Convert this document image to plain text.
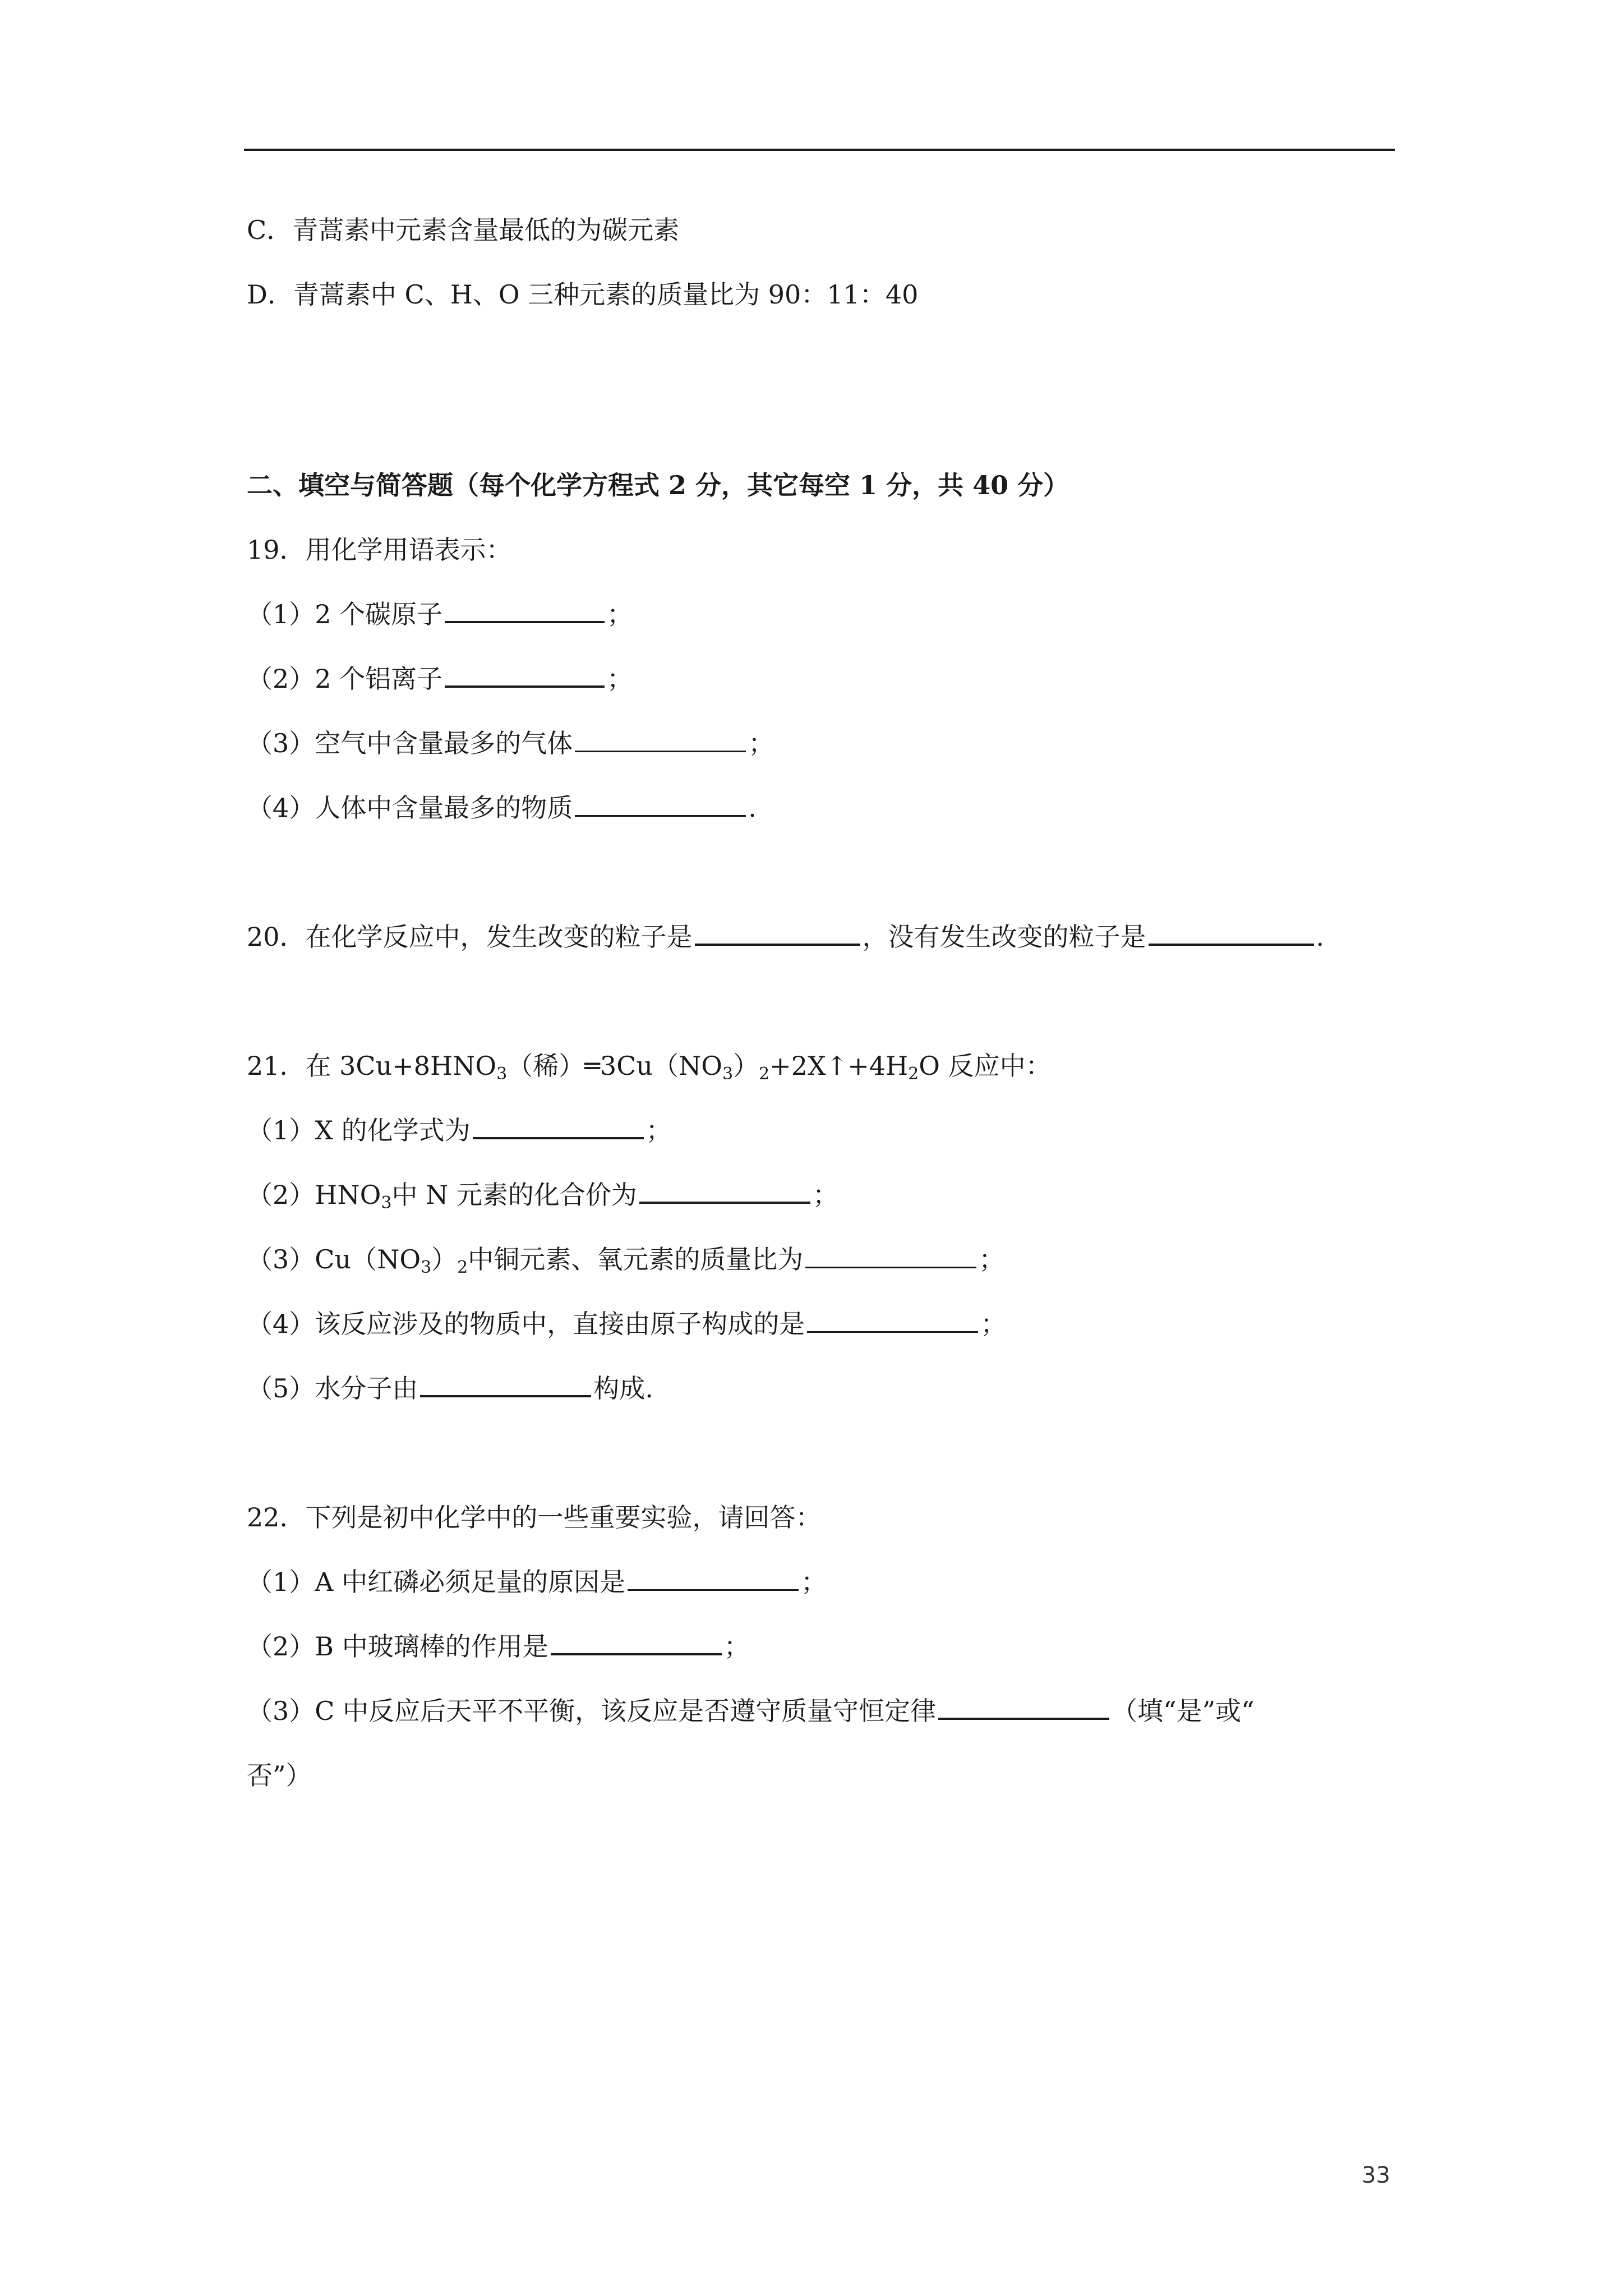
C．青蒿素中元素含量最低的为碳元素
D．青蒿素中 C、H、O 三种元素的质量比为 90：11：40
二、填空与简答题（每个化学方程式 2 分，其它每空 1 分，共 40 分）
19．用化学用语表示：
（1）2 个碳原子	；
（2）2 个铝离子	；
（3）空气中含量最多的气体	；
（4）人体中含量最多的物质	.
20．在化学反应中，发生改变的粒子是	，没有发生改变的粒子是	.
21．在 $3Cu+8HNO_3$（稀）$═3Cu(NO_3)_2+2X↑+4H_2O$ 反应中：
（1）X 的化学式为	；
$(2)HNO_3$中 N 元素的化合价为	；
$(3)Cu(NO_3)_2$中铜元素、氧元素的质量比为	；
（4）该反应涉及的物质中，直接由原子构成的是	；
（5）水分子由	构成.
22．下列是初中化学中的一些重要实验，请回答：
（1）A 中红磷必须足量的原因是	；
（2）B 中玻璃棒的作用是	；
（3）C 中反应后天平不平衡，该反应是否遵守质量守恒定律	（填“是”或“
否”）
33
